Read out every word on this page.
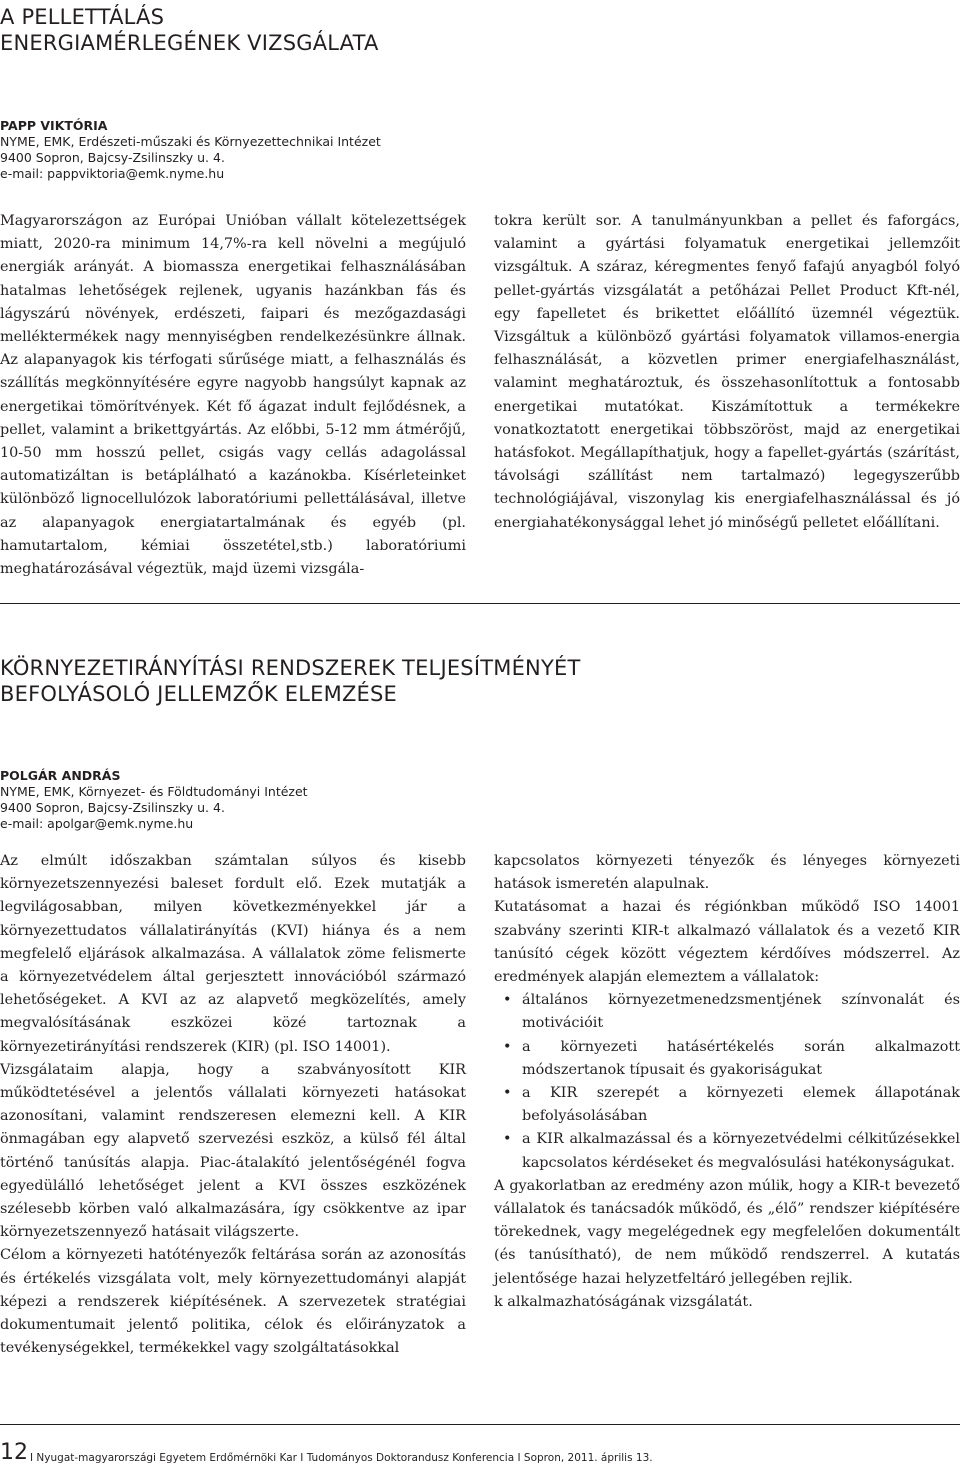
A PELLETTÁLÁS
ENERGIAMÉRLEGÉNEK VIZSGÁLATA
PAPP VIKTÓRIA
NYME, EMK, Erdészeti-műszaki és Környezettechnikai Intézet
9400 Sopron, Bajcsy-Zsilinszky u. 4.
e-mail: pappviktoria@emk.nyme.hu

Magyarországon az Európai Unióban vállalt kötelezettségek miatt, 2020-ra minimum 14,7%-ra kell növelni a megújuló energiák arányát. A biomassza energetikai felhasználásában hatalmas lehetőségek rejlenek, ugyanis hazánkban fás és lágyszárú növények, erdészeti, faipari és mezőgazdasági melléktermékek nagy mennyiségben rendelkezésünkre állnak. Az alapanyagok kis térfogati sűrűsége miatt, a felhasználás és szállítás megkönnyítésére egyre nagyobb hangsúlyt kapnak az energetikai tömörítvények. Két fő ágazat indult fejlődésnek, a pellet, valamint a brikettgyártás. Az előbbi, 5-12 mm átmérőjű, 10-50 mm hosszú pellet, csigás vagy cellás adagolással automatizáltan is betáplálható a kazánokba. Kísérleteinket különböző lignocellulózok laboratóriumi pellettálásával, illetve az alapanyagok energiatartalmának és egyéb (pl. hamutartalom, kémiai összetétel,stb.) laboratóriumi meghatározásával végeztük, majd üzemi vizsgála-

tokra került sor. A tanulmányunkban a pellet és faforgács, valamint a gyártási folyamatuk energetikai jellemzőit vizsgáltuk. A száraz, kéregmentes fenyő fafajú anyagból folyó pellet-gyártás vizsgálatát a petőházai Pellet Product Kft-nél, egy fapelletet és brikettet előállító üzemnél végeztük. Vizsgáltuk a különböző gyártási folyamatok villamos-energia felhasználását, a közvetlen primer energiafelhasználást, valamint meghatároztuk, és összehasonlítottuk a fontosabb energetikai mutatókat. Kiszámítottuk a termékekre vonatkoztatott energetikai többszöröst, majd az energetikai hatásfokot. Megállapíthatjuk, hogy a fapellet-gyártás (szárítást, távolsági szállítást nem tartalmazó) legegyszerűbb technológiájával, viszonylag kis energiafelhasználással és jó energiahatékonysággal lehet jó minőségű pelletet előállítani.

KÖRNYEZETIRÁNYÍTÁSI RENDSZEREK TELJESÍTMÉNYÉT
BEFOLYÁSOLÓ JELLEMZŐK ELEMZÉSE
POLGÁR ANDRÁS
NYME, EMK, Környezet- és Földtudományi Intézet
9400 Sopron, Bajcsy-Zsilinszky u. 4.
e-mail: apolgar@emk.nyme.hu

Az elmúlt időszakban számtalan súlyos és kisebb környezetszennyezési baleset fordult elő. Ezek mutatják a legvilágosabban, milyen következményekkel jár a környezettudatos vállalatirányítás (KVI) hiánya és a nem megfelelő eljárások alkalmazása. A vállalatok zöme felismerte a környezetvédelem által gerjesztett innovációból származó lehetőségeket. A KVI az az alapvető megközelítés, amely megvalósításának eszközei közé tartoznak a környezetirányítási rendszerek (KIR) (pl. ISO 14001).

Vizsgálataim alapja, hogy a szabványosított KIR működtetésével a jelentős vállalati környezeti hatásokat azonosítani, valamint rendszeresen elemezni kell. A KIR önmagában egy alapvető szervezési eszköz, a külső fél által történő tanúsítás alapja. Piac-átalakító jelentőségénél fogva egyedülálló lehetőséget jelent a KVI összes eszközének szélesebb körben való alkalmazására, így csökkentve az ipar környezetszennyező hatásait világszerte.

Célom a környezeti hatótényezők feltárása során az azonosítás és értékelés vizsgálata volt, mely környezettudományi alapját képezi a rendszerek kiépítésének. A szervezetek stratégiai dokumentumait jelentő politika, célok és előirányzatok a tevékenységekkel, termékekkel vagy szolgáltatásokkal

kapcsolatos környezeti tényezők és lényeges környezeti hatások ismeretén alapulnak.

Kutatásomat a hazai és régiónkban működő ISO 14001 szabvány szerinti KIR-t alkalmazó vállalatok és a vezető KIR tanúsító cégek között végeztem kérdőíves módszerrel. Az eredmények alapján elemeztem a vállalatok:

• általános környezetmenedzsmentjének színvonalát és motivációit
• a környezeti hatásértékelés során alkalmazott módszertanok típusait és gyakoriságukat
• a KIR szerepét a környezeti elemek állapotának befolyásolásában
• a KIR alkalmazással és a környezetvédelmi célkitűzésekkel kapcsolatos kérdéseket és megvalósulási hatékonyságukat.

A gyakorlatban az eredmény azon múlik, hogy a KIR-t bevezető vállalatok és tanácsadók működő, és „élő” rendszer kiépítésére törekednek, vagy megelégednek egy megfelelően dokumentált (és tanúsítható), de nem működő rendszerrel. A kutatás jelentősége hazai helyzetfeltáró jellegében rejlik.

k alkalmazhatóságának vizsgálatát.

12 I Nyugat-magyarországi Egyetem Erdőmérnöki Kar I Tudományos Doktorandusz Konferencia I Sopron, 2011. április 13.
